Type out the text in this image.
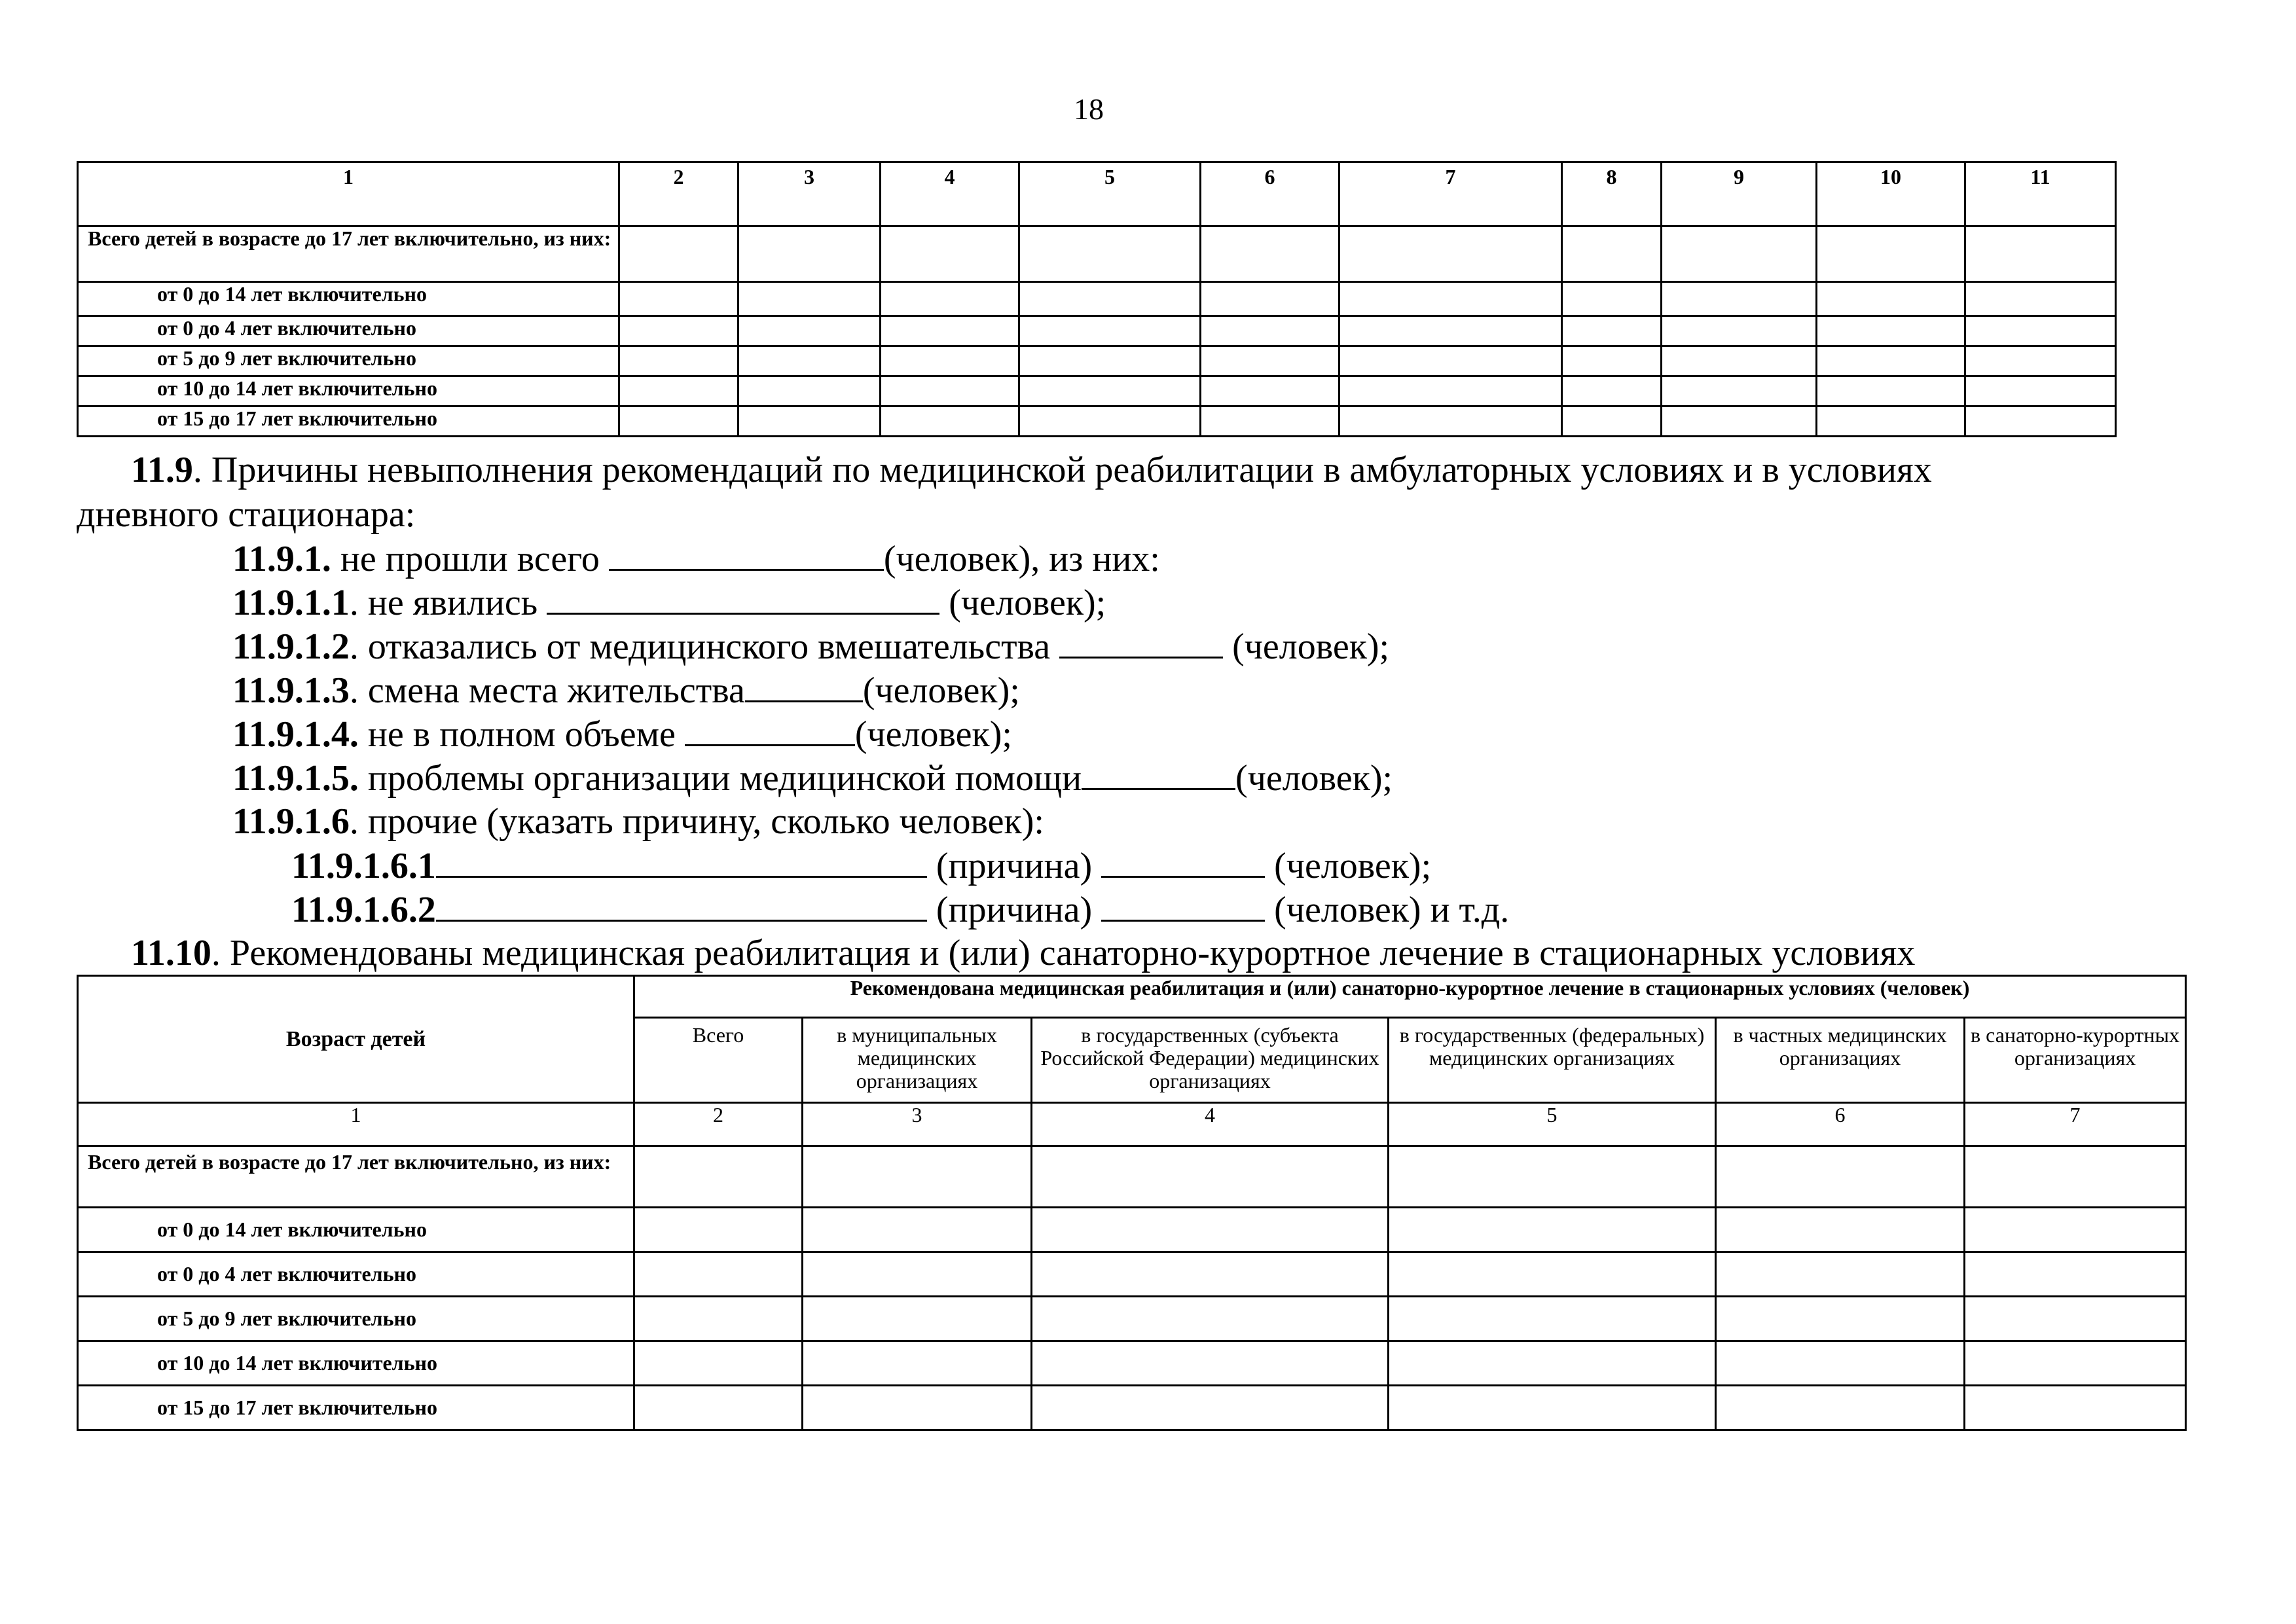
18
1	2	3	4	5	6	7	8	9	10	11
Всего детей в возрасте до 17 лет включительно, из них:										
от 0 до 14 лет включительно										
от 0 до 4 лет включительно										
от 5 до 9 лет включительно										
от 10 до 14 лет включительно										
от 15 до 17 лет включительно										
11.9. Причины невыполнения рекомендаций по медицинской реабилитации в амбулаторных условиях и в условиях
дневного стационара:
11.9.1. не прошли всего	(человек), из них:
11.9.1.1. не явились	(человек);
11.9.1.2. отказались от медицинского вмешательства	(человек);
11.9.1.3. смена места жительства	(человек);
11.9.1.4. не в полном объеме	(человек);
11.9.1.5. проблемы организации медицинской помощи	(человек);
11.9.1.6. прочие (указать причину, сколько человек):
11.9.1.6.1	(причина)	(человек);
11.9.1.6.2	(причина)	(человек) и т.д.
11.10. Рекомендованы медицинская реабилитация и (или) санаторно-курортное лечение в стационарных условиях
Возраст детей	Рекомендована медицинская реабилитация и (или) санаторно-курортное лечение в стационарных условиях (человек)					
	Всего	в муниципальных медицинских организациях	в государственных (субъекта Российской Федерации) медицинских организациях	в государственных (федеральных) медицинских организациях	в частных медицинских организациях	в санаторно-курортных организациях
1	2	3	4	5	6	7
Всего детей в возрасте до 17 лет включительно, из них:						
от 0 до 14 лет включительно						
от 0 до 4 лет включительно						
от 5 до 9 лет включительно						
от 10 до 14 лет включительно						
от 15 до 17 лет включительно						
